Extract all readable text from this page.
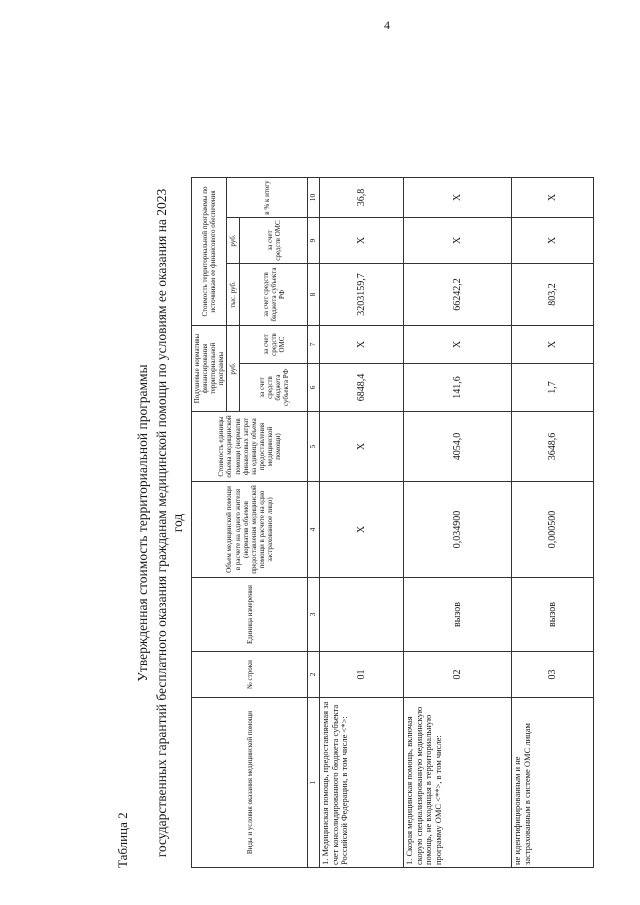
4
Таблица 2
Утвержденная стоимость территориальной программы государственных гарантий бесплатного оказания гражданам медицинской помощи по условиям ее оказания на 2023 год
Виды и условия оказания медицинской помощи	№ строки	Единица измерения	Объем медицинской помощи в расчете на одного жителя (норматив объемов предоставления медицинской помощи в расчете на одно застрахованное лицо)	Стоимость единицы объема медицинской помощи (норматив финансовых затрат на единицу объема предоставления медицинской помощи)	Подушевые нормативы финансирования территориальной программы		Стоимость территориальной программы по источникам ее финансового обеспечения		
					руб.		тыс. руб.	руб.	в % к итогу
					за счет средств бюджета субъекта РФ	за счет средств ОМС	за счет средств бюджета субъекта РФ	за счет средств ОМС	
1	2	3	4	5	6	7	8	9	10
1. Медицинская помощь, предоставляемая за счет консолидированного бюджета субъекта Российской Федерации, в том числе <*>:	01		X	X	6848,4	X	3203159,7	X	36,8
1. Скорая медицинская помощь, включая скорую специализированную медицинскую помощь, не входящая в территориальную программу ОМС <**>, в том числе:	02	вызов	0,034900	4054,0	141,6	X	66242,2	X	X
не идентифицированным и не застрахованным в системе ОМС лицам	03	вызов	0,000500	3648,6	1,7	X	803,2	X	X
